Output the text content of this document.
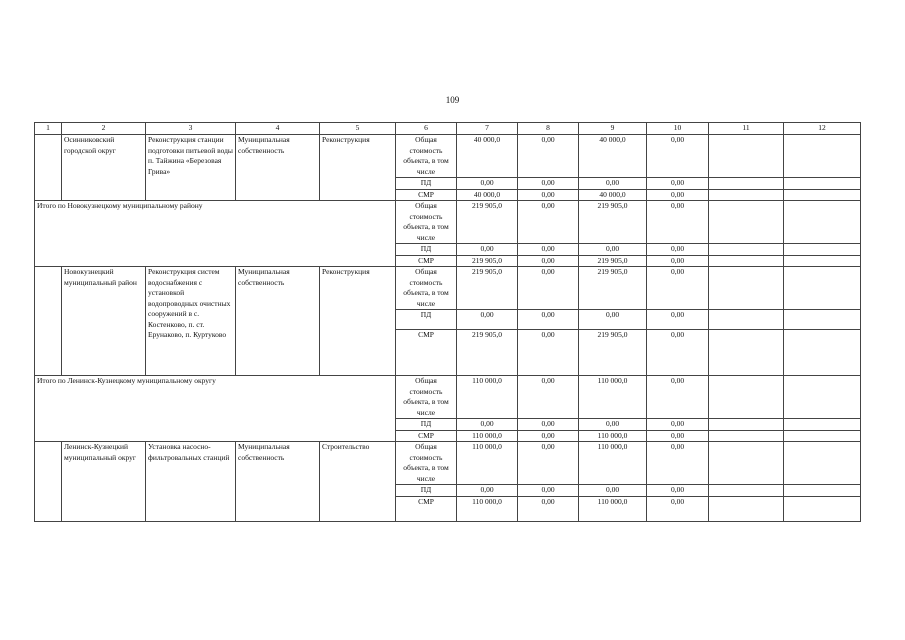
109
1	2	3	4	5	6	7	8	9	10	11	12
	Осинниковский городской округ	Реконструкция станции подготовки питьевой воды п. Тайжина «Березовая Грива»	Муниципальная собственность	Реконструкция	Общая стоимость объекта, в том числе	40 000,0	0,00	40 000,0	0,00		
					ПД	0,00	0,00	0,00	0,00		
					СМР	40 000,0	0,00	40 000,0	0,00		
Итого по Новокузнецкому муниципальному району					Общая стоимость объекта, в том числе	219 905,0	0,00	219 905,0	0,00		
					ПД	0,00	0,00	0,00	0,00		
					СМР	219 905,0	0,00	219 905,0	0,00		
	Новокузнецкий муниципальный район	Реконструкция систем водоснабжения с установкой водопроводных очистных сооружений в с. Костенково, п. ст. Ерунаково, п. Куртуково	Муниципальная собственность	Реконструкция	Общая стоимость объекта, в том числе	219 905,0	0,00	219 905,0	0,00		
					ПД	0,00	0,00	0,00	0,00		
					СМР	219 905,0	0,00	219 905,0	0,00		
Итого по Ленинск-Кузнецкому муниципальному округу					Общая стоимость объекта, в том числе	110 000,0	0,00	110 000,0	0,00		
					ПД	0,00	0,00	0,00	0,00		
					СМР	110 000,0	0,00	110 000,0	0,00		
	Ленинск-Кузнецкий муниципальный округ	Установка насосно-фильтровальных станций	Муниципальная собственность	Строительство	Общая стоимость объекта, в том числе	110 000,0	0,00	110 000,0	0,00		
					ПД	0,00	0,00	0,00	0,00		
					СМР	110 000,0	0,00	110 000,0	0,00		
